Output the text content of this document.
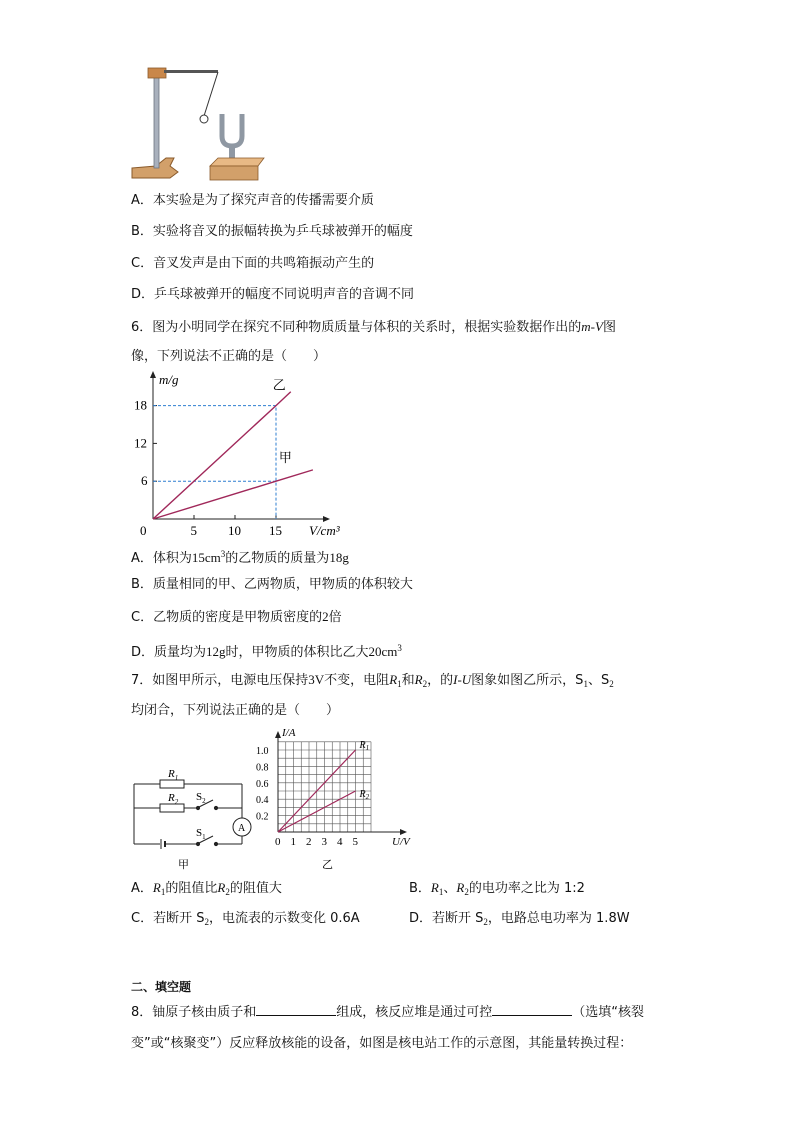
A．本实验是为了探究声音的传播需要介质
B．实验将音叉的振幅转换为乒乓球被弹开的幅度
C．音叉发声是由下面的共鸣箱振动产生的
D．乒乓球被弹开的幅度不同说明声音的音调不同
6．图为小明同学在探究不同种物质质量与体积的关系时，根据实验数据作出的m-V图
像，下列说法不正确的是（　　）
0	5 10 15
6
12
18
乙
甲
m/g
V/cm³
A．体积为$15cm^3$的乙物质的质量为18g
B．质量相同的甲、乙两物质，甲物质的体积较大
C．乙物质的密度是甲物质密度的2倍
D．质量均为12g时，甲物质的体积比乙大$20cm^3$
7．如图甲所示，电源电压保持3V不变，电阻$R_1$和$R_2$，的I-U图象如图乙所示，$S_1$、$S_2$
均闭合，下列说法正确的是（　　）
$R_1$
$R_2$ $S_2$
$S_1$
A
甲
0 1 2 3 4 5
0.2
0.4
0.6
0.8
1.0
$R_1$
$R_2$
I/A
U/V
乙
A．$R_1$的阻值比$R_2$的阻值大	B．$R_1$、$R_2$的电功率之比为 1:2
C．若断开 $S_2$，电流表的示数变化 0.6A	D．若断开 $S_2$，电路总电功率为 1.8W
二、填空题
8．铀原子核由质子和	组成，核反应堆是通过可控	（选填“核裂
变”或“核聚变”）反应释放核能的设备，如图是核电站工作的示意图，其能量转换过程：
